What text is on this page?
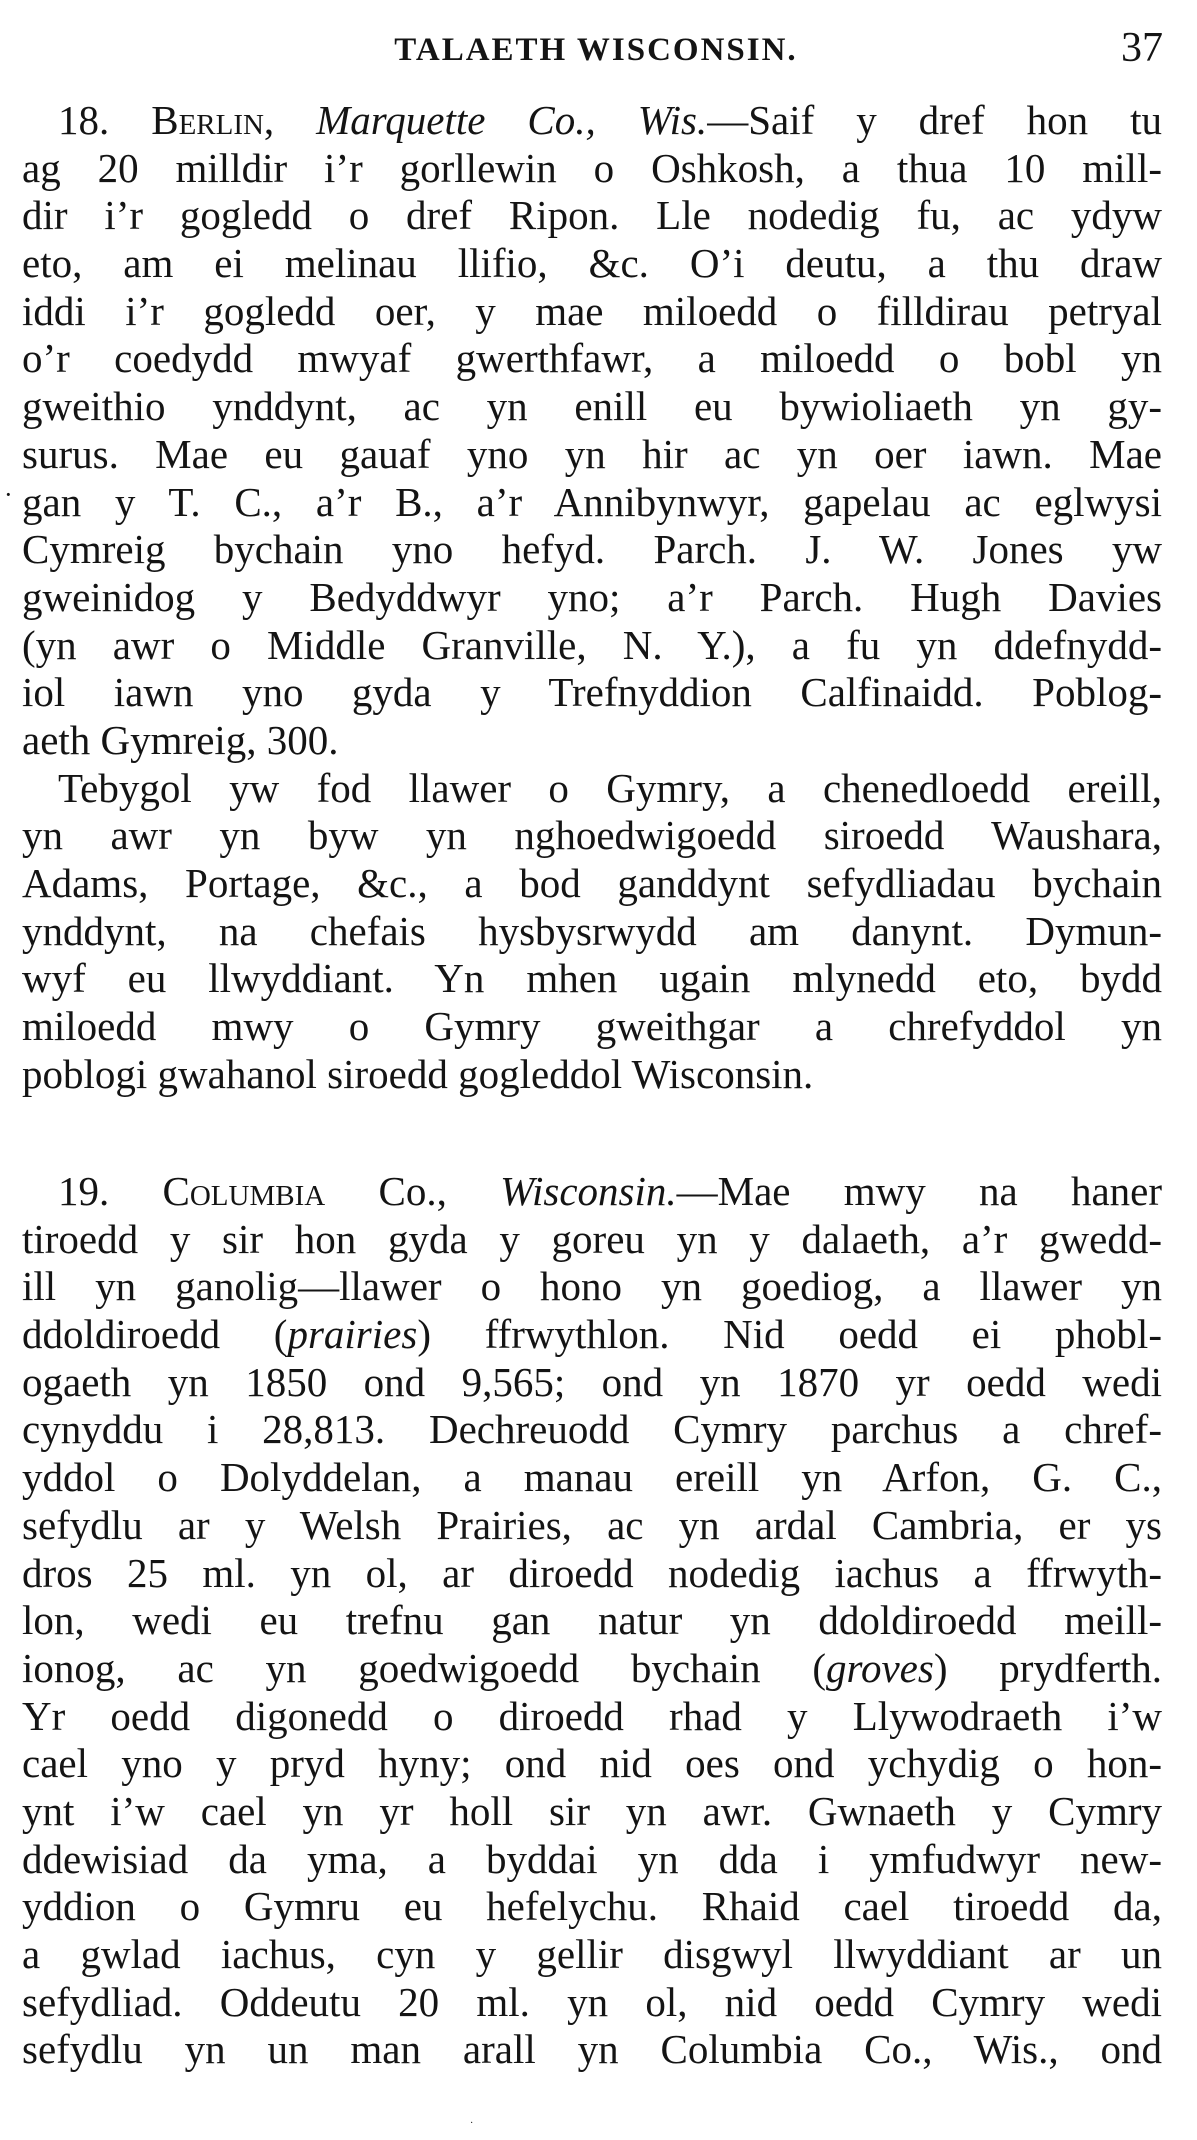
TALAETH WISCONSIN.	37
·
18. Berlin, Marquette Co., Wis.—Saif y dref hon tu
ag 20 milldir i’r gorllewin o Oshkosh, a thua 10 mill-
dir i’r gogledd o dref Ripon. Lle nodedig fu, ac ydyw
eto, am ei melinau llifio, &c. O’i deutu, a thu draw
iddi i’r gogledd oer, y mae miloedd o filldirau petryal
o’r coedydd mwyaf gwerthfawr, a miloedd o bobl yn
gweithio ynddynt, ac yn enill eu bywioliaeth yn gy-
surus. Mae eu gauaf yno yn hir ac yn oer iawn. Mae
gan y T. C., a’r B., a’r Annibynwyr, gapelau ac eglwysi
Cymreig bychain yno hefyd. Parch. J. W. Jones yw
gweinidog y Bedyddwyr yno; a’r Parch. Hugh Davies
(yn awr o Middle Granville, N. Y.), a fu yn ddefnydd-
iol iawn yno gyda y Trefnyddion Calfinaidd. Poblog-
aeth Gymreig, 300.
Tebygol yw fod llawer o Gymry, a chenedloedd ereill,
yn awr yn byw yn nghoedwigoedd siroedd Waushara,
Adams, Portage, &c., a bod ganddynt sefydliadau bychain
ynddynt, na chefais hysbysrwydd am danynt. Dymun-
wyf eu llwyddiant. Yn mhen ugain mlynedd eto, bydd
miloedd mwy o Gymry gweithgar a chrefyddol yn
poblogi gwahanol siroedd gogleddol Wisconsin.
19. Columbia Co., Wisconsin.—Mae mwy na haner
tiroedd y sir hon gyda y goreu yn y dalaeth, a’r gwedd-
ill yn ganolig—llawer o hono yn goediog, a llawer yn
ddoldiroedd (prairies) ffrwythlon. Nid oedd ei phobl-
ogaeth yn 1850 ond 9,565; ond yn 1870 yr oedd wedi
cynyddu i 28,813. Dechreuodd Cymry parchus a chref-
yddol o Dolyddelan, a manau ereill yn Arfon, G. C.,
sefydlu ar y Welsh Prairies, ac yn ardal Cambria, er ys
dros 25 ml. yn ol, ar diroedd nodedig iachus a ffrwyth-
lon, wedi eu trefnu gan natur yn ddoldiroedd meill-
ionog, ac yn goedwigoedd bychain (groves) prydferth.
Yr oedd digonedd o diroedd rhad y Llywodraeth i’w
cael yno y pryd hyny; ond nid oes ond ychydig o hon-
ynt i’w cael yn yr holl sir yn awr. Gwnaeth y Cymry
ddewisiad da yma, a byddai yn dda i ymfudwyr new-
yddion o Gymru eu hefelychu. Rhaid cael tiroedd da,
a gwlad iachus, cyn y gellir disgwyl llwyddiant ar un
sefydliad. Oddeutu 20 ml. yn ol, nid oedd Cymry wedi
sefydlu yn un man arall yn Columbia Co., Wis., ond
·
